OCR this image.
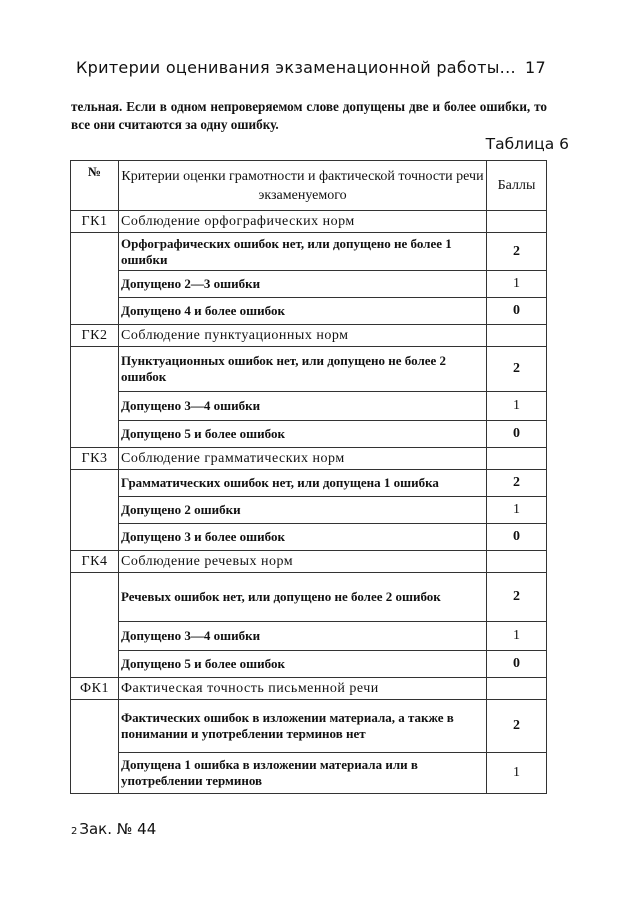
Критерии оценивания экзаменационной работы... 17
тельная. Если в одном непроверяемом слове допущены две и более ошибки, то все они считаются за одну ошибку.
Таблица 6
№	Критерии оценки грамотности и фактической точности речи экзаменуемого	Баллы
ГК1	Соблюдение орфографических норм	
	Орфографических ошибок нет, или допущено не более 1 ошибки	2
	Допущено 2—3 ошибки	1
	Допущено 4 и более ошибок	0
ГК2	Соблюдение пунктуационных норм	
	Пунктуационных ошибок нет, или допущено не более 2 ошибок	2
	Допущено 3—4 ошибки	1
	Допущено 5 и более ошибок	0
ГК3	Соблюдение грамматических норм	
	Грамматических ошибок нет, или допущена 1 ошибка	2
	Допущено 2 ошибки	1
	Допущено 3 и более ошибок	0
ГК4	Соблюдение речевых норм	
	Речевых ошибок нет, или допущено не более 2 ошибок	2
	Допущено 3—4 ошибки	1
	Допущено 5 и более ошибок	0
ФК1	Фактическая точность письменной речи	
	Фактических ошибок в изложении материала, а также в понимании и употреблении терминов нет	2
	Допущена 1 ошибка в изложении материала или в употреблении терминов	1
2 Зак. № 44
